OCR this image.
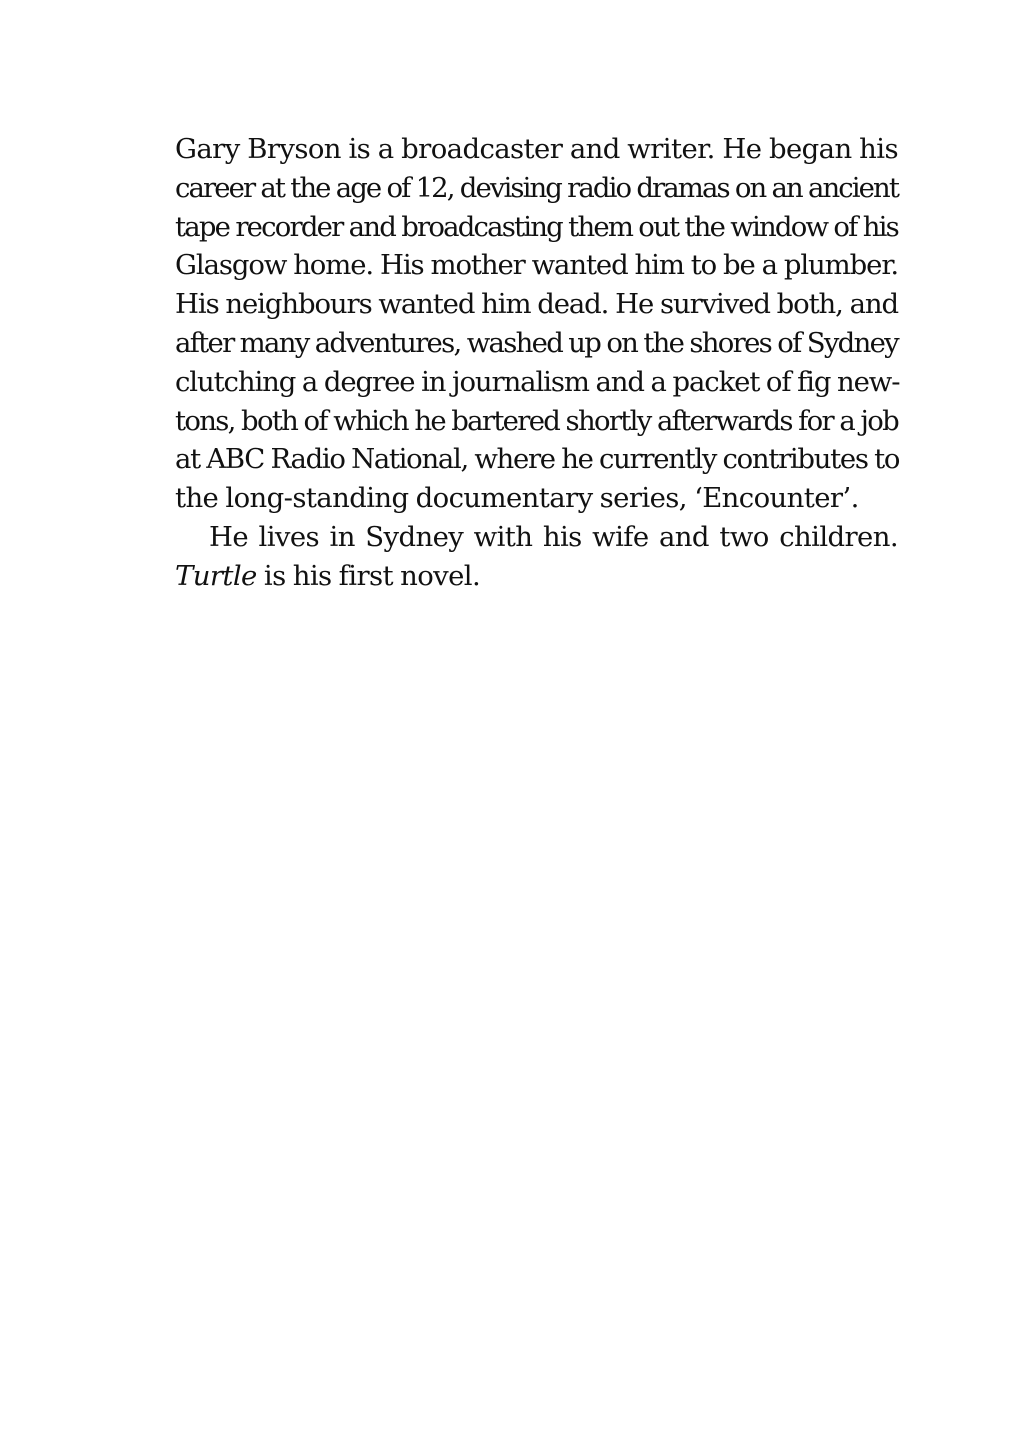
Gary Bryson is a broadcaster and writer. He began his
career at the age of 12, devising radio dramas on an ancient
tape recorder and broadcasting them out the window of his
Glasgow home. His mother wanted him to be a plumber.
His neighbours wanted him dead. He survived both, and
after many adventures, washed up on the shores of Sydney
clutching a degree in journalism and a packet of fig new-
tons, both of which he bartered shortly afterwards for a job
at ABC Radio National, where he currently contributes to
the long-standing documentary series, ‘Encounter’.
He lives in Sydney with his wife and two children.
Turtle is his first novel.
